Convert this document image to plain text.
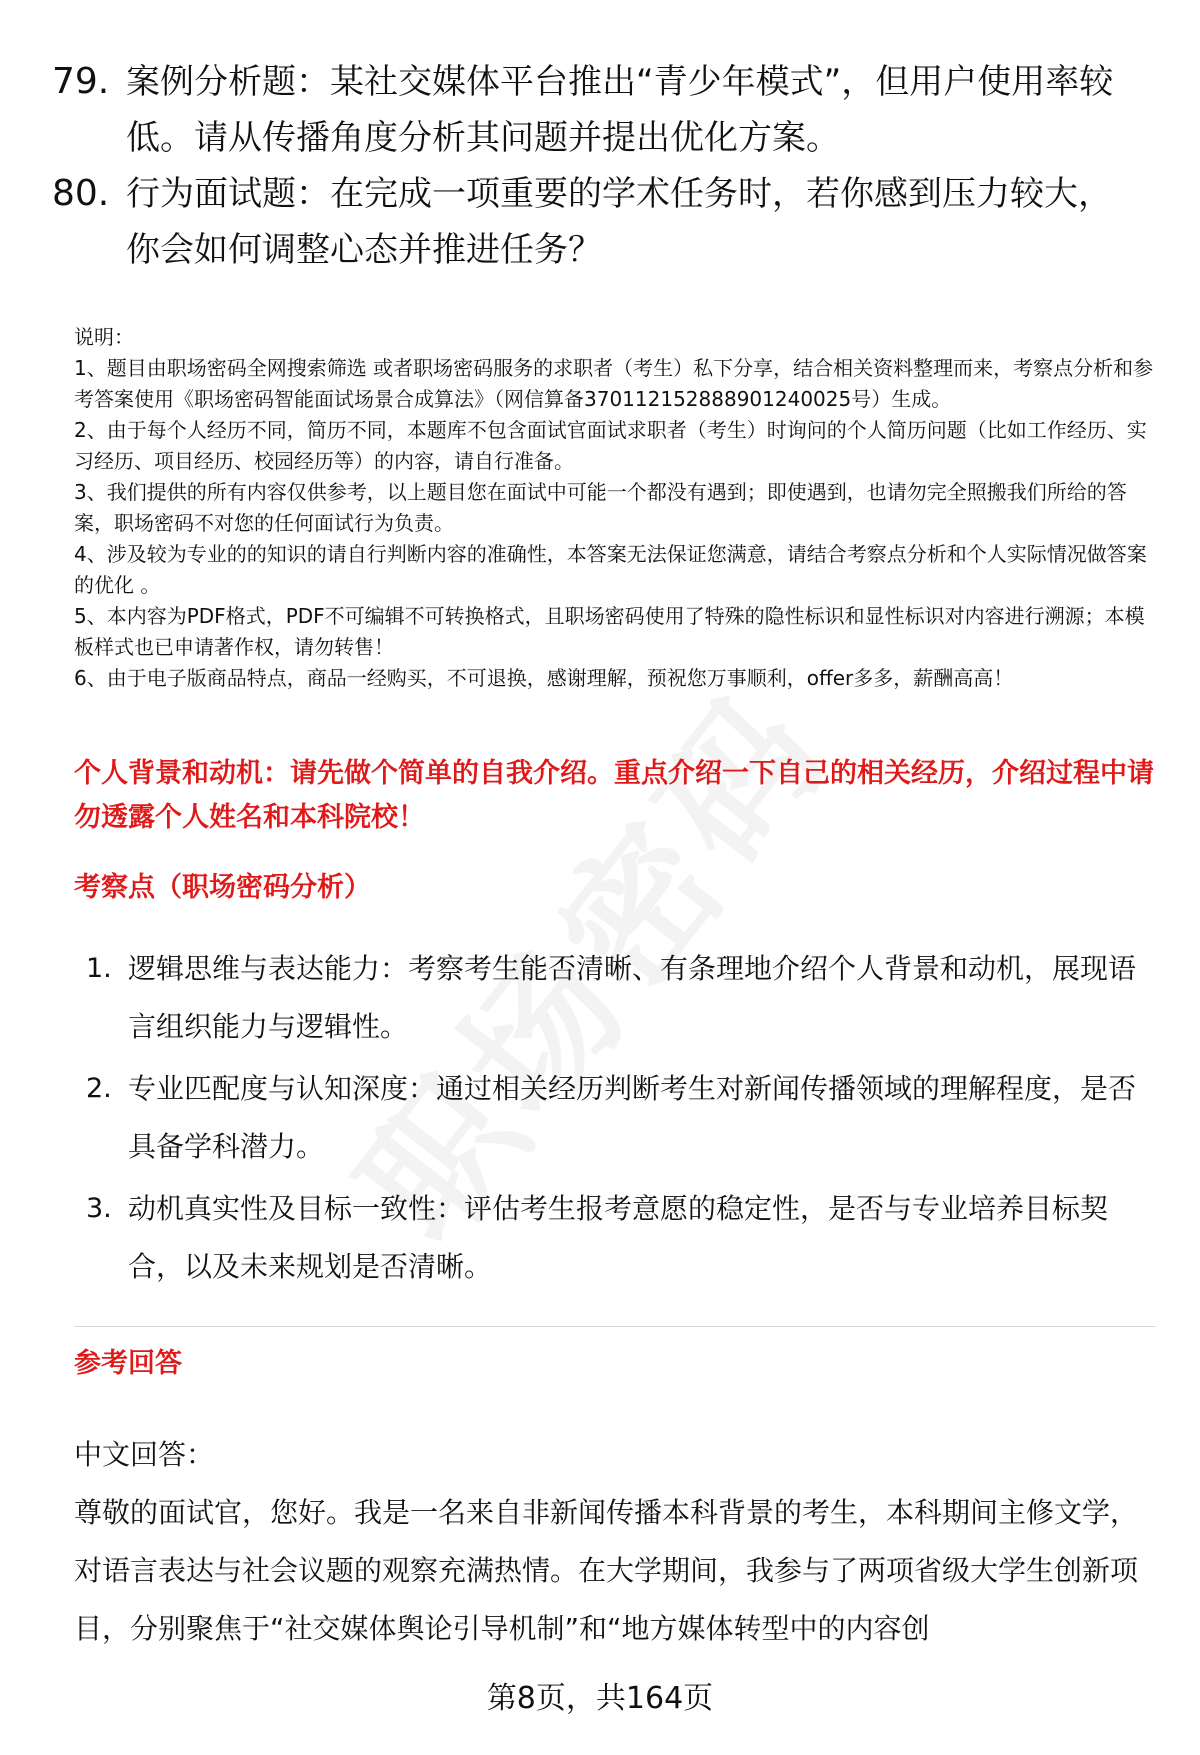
79. 案例分析题：某社交媒体平台推出“青少年模式”，但用户使用率较低。请从传播角度分析其问题并提出优化方案。
80. 行为面试题：在完成一项重要的学术任务时，若你感到压力较大，你会如何调整心态并推进任务？

说明：

1、题目由职场密码全网搜索筛选 或者职场密码服务的求职者（考生）私下分享，结合相关资料整理而来，考察点分析和参考答案使用《职场密码智能面试场景合成算法》（网信算备370112152888901240025号）生成。

2、由于每个人经历不同，简历不同，本题库不包含面试官面试求职者（考生）时询问的个人简历问题（比如工作经历、实习经历、项目经历、校园经历等）的内容，请自行准备。

3、我们提供的所有内容仅供参考，以上题目您在面试中可能一个都没有遇到；即使遇到，也请勿完全照搬我们所给的答案，职场密码不对您的任何面试行为负责。

4、涉及较为专业的的知识的请自行判断内容的准确性，本答案无法保证您满意，请结合考察点分析和个人实际情况做答案的优化 。

5、本内容为PDF格式，PDF不可编辑不可转换格式，且职场密码使用了特殊的隐性标识和显性标识对内容进行溯源；本模板样式也已申请著作权，请勿转售！

6、由于电子版商品特点，商品一经购买，不可退换，感谢理解，预祝您万事顺利，offer多多，薪酬高高！

个人背景和动机：请先做个简单的自我介绍。重点介绍一下自己的相关经历，介绍过程中请勿透露个人姓名和本科院校！
考察点（职场密码分析）
1. 逻辑思维与表达能力：考察考生能否清晰、有条理地介绍个人背景和动机，展现语言组织能力与逻辑性。
2. 专业匹配度与认知深度：通过相关经历判断考生对新闻传播领域的理解程度，是否具备学科潜力。
3. 动机真实性及目标一致性：评估考生报考意愿的稳定性，是否与专业培养目标契合，以及未来规划是否清晰。
参考回答

中文回答：

尊敬的面试官，您好。我是一名来自非新闻传播本科背景的考生，本科期间主修文学，对语言表达与社会议题的观察充满热情。在大学期间，我参与了两项省级大学生创新项目，分别聚焦于“社交媒体舆论引导机制”和“地方媒体转型中的内容创

第8页，共164页
